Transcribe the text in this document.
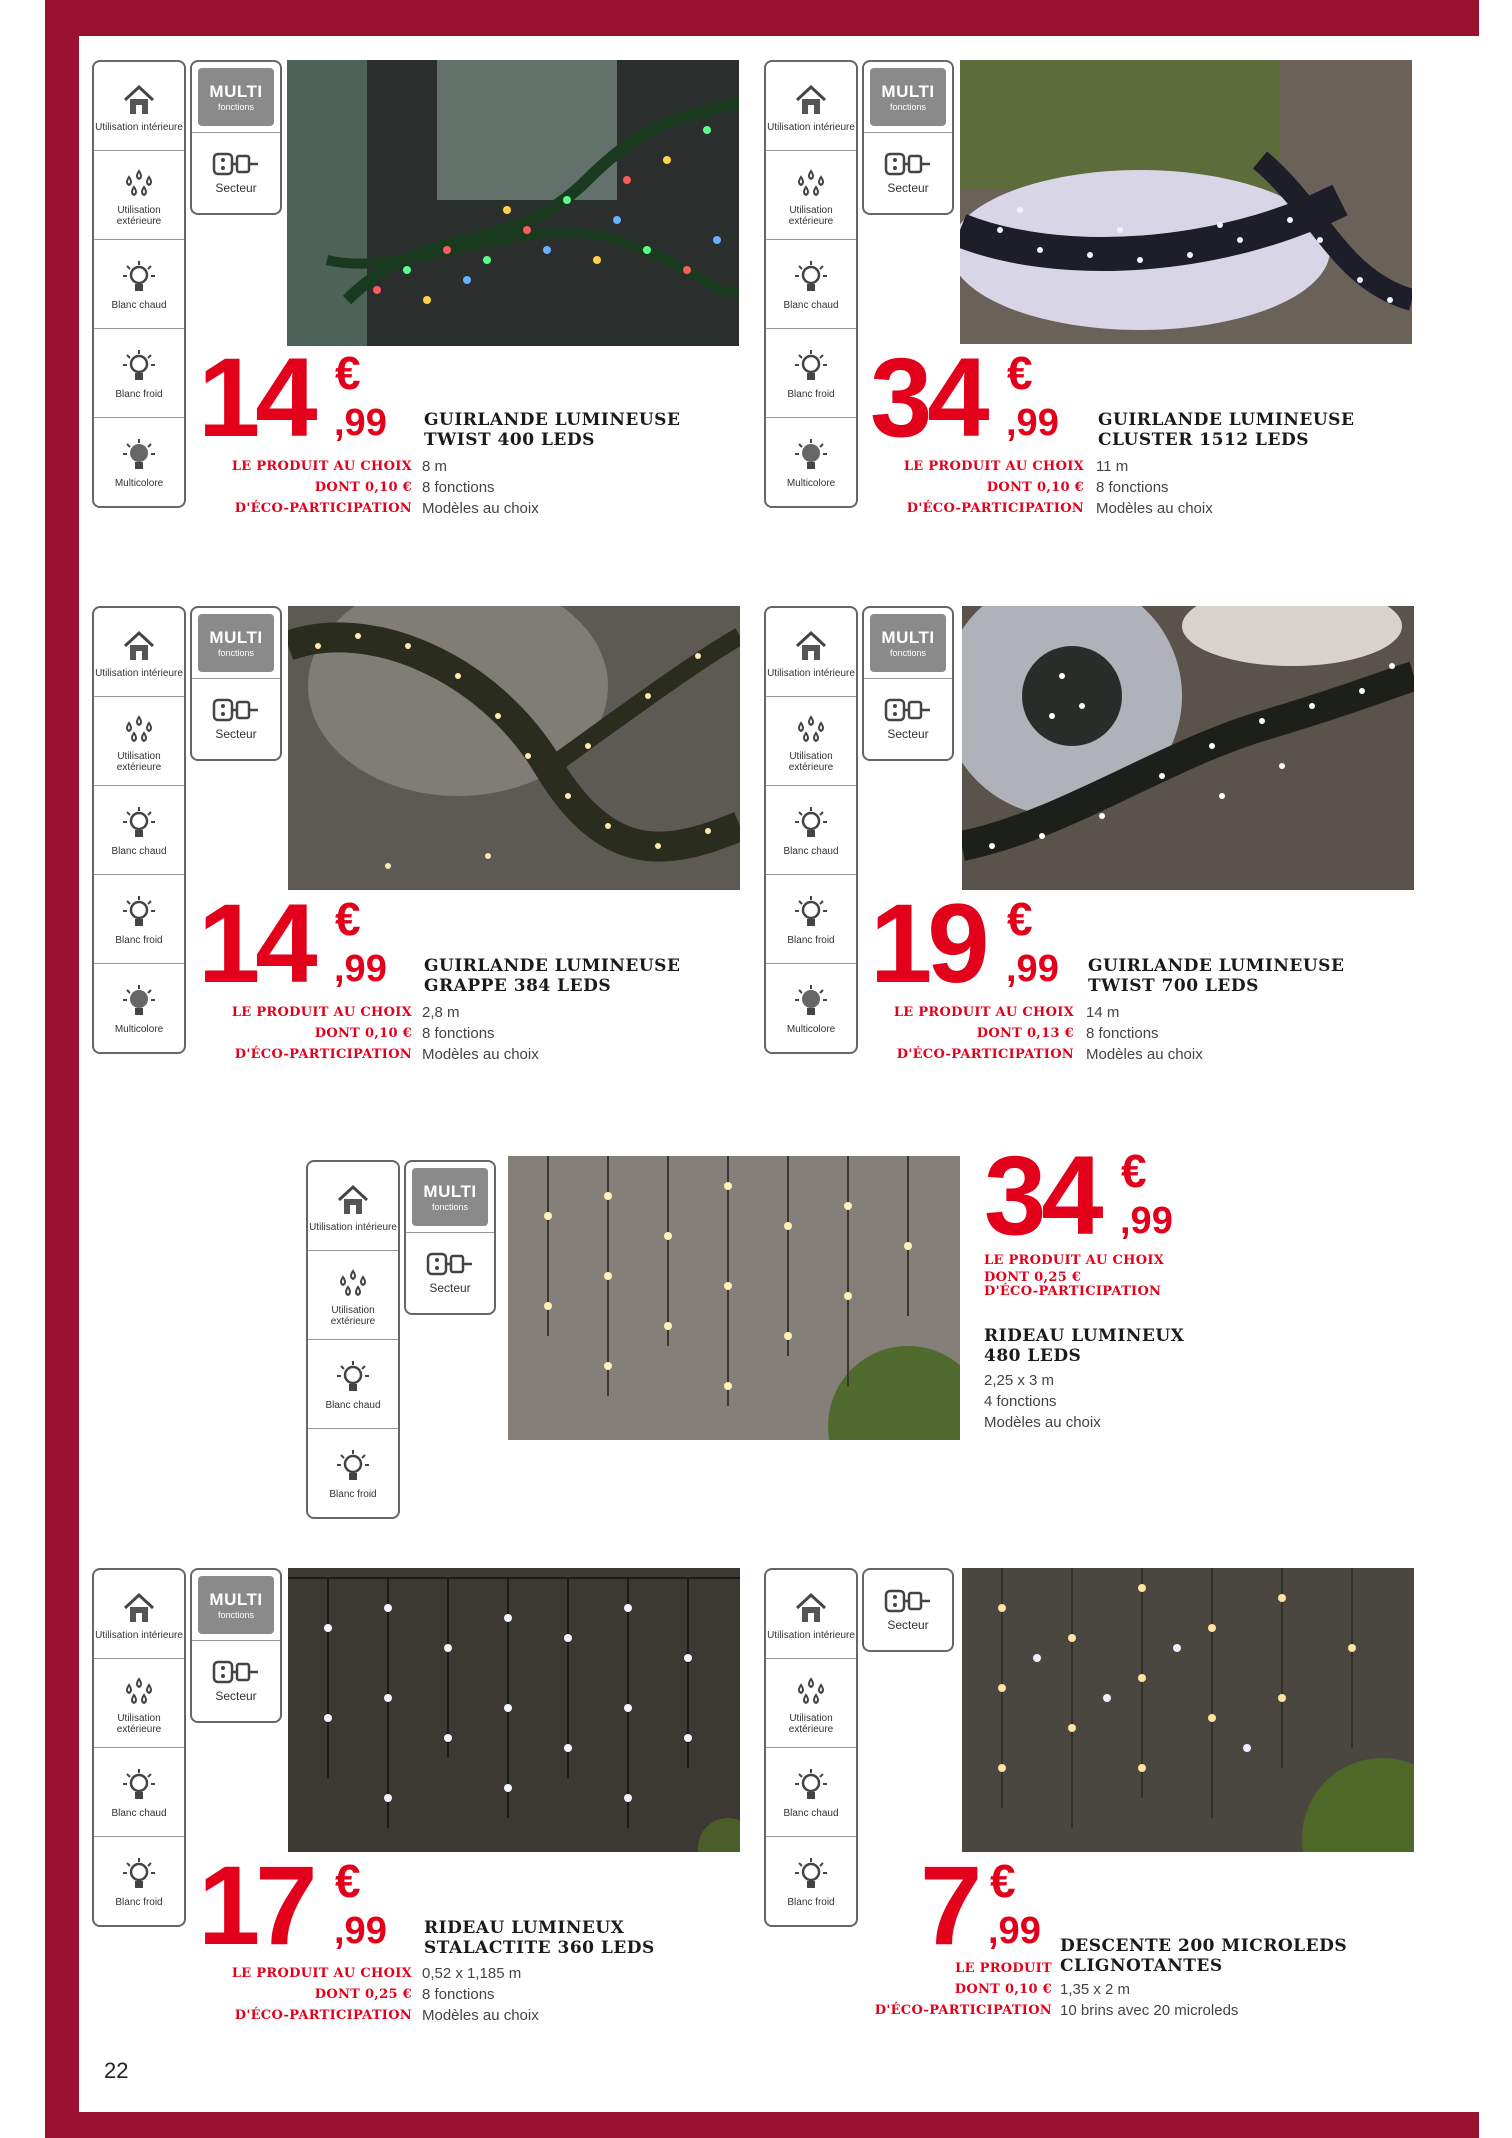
22
Utilisation intérieure
Utilisation extérieure
Blanc chaud
Blanc froid
Multicolore
MULTI
fonctions
Secteur
14 €
,99 GUIRLANDE LUMINEUSE
TWIST 400 LEDS
LE PRODUIT AU CHOIX
DONT 0,10 €
D'ÉCO-PARTICIPATION
8 m
8 fonctions
Modèles au choix
Utilisation intérieure
Utilisation extérieure
Blanc chaud
Blanc froid
Multicolore
MULTI
fonctions
Secteur
34 €
,99 GUIRLANDE LUMINEUSE
CLUSTER 1512 LEDS
LE PRODUIT AU CHOIX
DONT 0,10 €
D'ÉCO-PARTICIPATION
11 m
8 fonctions
Modèles au choix
Utilisation intérieure
Utilisation extérieure
Blanc chaud
Blanc froid
Multicolore
MULTI
fonctions
Secteur
14 €
,99 GUIRLANDE LUMINEUSE
GRAPPE 384 LEDS
LE PRODUIT AU CHOIX
DONT 0,10 €
D'ÉCO-PARTICIPATION
2,8 m
8 fonctions
Modèles au choix
Utilisation intérieure
Utilisation extérieure
Blanc chaud
Blanc froid
Multicolore
MULTI
fonctions
Secteur
19 €
,99 GUIRLANDE LUMINEUSE
TWIST 700 LEDS
LE PRODUIT AU CHOIX
DONT 0,13 €
D'ÉCO-PARTICIPATION
14 m
8 fonctions
Modèles au choix
Utilisation intérieure
Utilisation extérieure
Blanc chaud
Blanc froid
MULTI
fonctions
Secteur
34 €
,99
LE PRODUIT AU CHOIX
DONT 0,25 €
D'ÉCO-PARTICIPATION
RIDEAU LUMINEUX
480 LEDS
2,25 x 3 m
4 fonctions
Modèles au choix
Utilisation intérieure
Utilisation extérieure
Blanc chaud
Blanc froid
MULTI
fonctions
Secteur
17 €
,99 RIDEAU LUMINEUX
STALACTITE 360 LEDS
LE PRODUIT AU CHOIX
DONT 0,25 €
D'ÉCO-PARTICIPATION
0,52 x 1,185 m
8 fonctions
Modèles au choix
Utilisation intérieure
Utilisation extérieure
Blanc chaud
Blanc froid
Secteur
7 €
,99 DESCENTE 200 MICROLEDS
CLIGNOTANTES
LE PRODUIT
DONT 0,10 €
D'ÉCO-PARTICIPATION
1,35 x 2 m
10 brins avec 20 microleds
